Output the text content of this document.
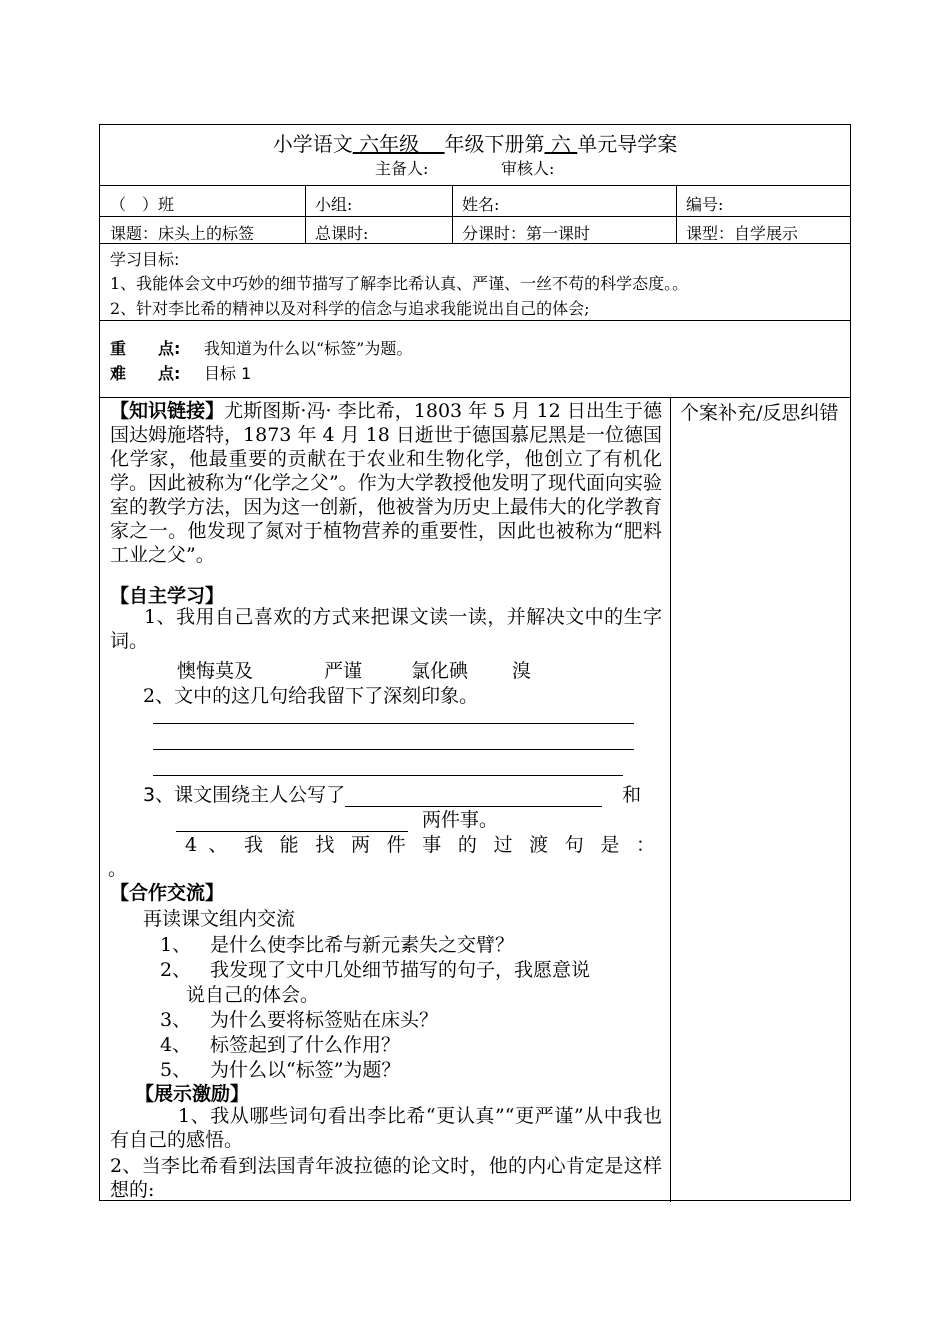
小学语文 六年级 年级下册第 六 单元导学案
主备人:	审核人:
（　）班	小组:	姓名:	编号:
课题：床头上的标签	总课时:	分课时：第一课时	课型：自学展示
学习目标:
1、我能体会文中巧妙的细节描写了解李比希认真、严谨、一丝不苟的科学态度。。
2、针对李比希的精神以及对科学的信念与追求我能说出自己的体会;
重　　点: 我知道为什么以“标签”为题。
难　　点: 目标 1
个案补充/反思纠错
【知识链接】尤斯图斯·冯· 李比希，1803 年 5 月 12 日出生于德国达姆施塔特，1873 年 4 月 18 日逝世于德国慕尼黑是一位德国化学家，他最重要的贡献在于农业和生物化学，他创立了有机化学。因此被称为“化学之父”。作为大学教授他发明了现代面向实验室的教学方法，因为这一创新，他被誉为历史上最伟大的化学教育家之一。他发现了氮对于植物营养的重要性，因此也被称为“肥料工业之父”。
【自主学习】
1、我用自己喜欢的方式来把课文读一读，并解决文中的生字词。
懊悔莫及	严谨	氯化碘 溴
2、文中的这几句给我留下了深刻印象。
3、课文围绕主人公写了	和
两件事。
4 、 我 能 找 两 件 事 的 过 渡 句 是 ：
。
【合作交流】
再读课文组内交流
1、 是什么使李比希与新元素失之交臂？
2、 我发现了文中几处细节描写的句子，我愿意说
说自己的体会。
3、 为什么要将标签贴在床头？
4、 标签起到了什么作用？
5、 为什么以“标签”为题？
【展示激励】
1、我从哪些词句看出李比希“更认真”“更严谨”从中我也有自己的感悟。
2、当李比希看到法国青年波拉德的论文时，他的内心肯定是这样想的:
